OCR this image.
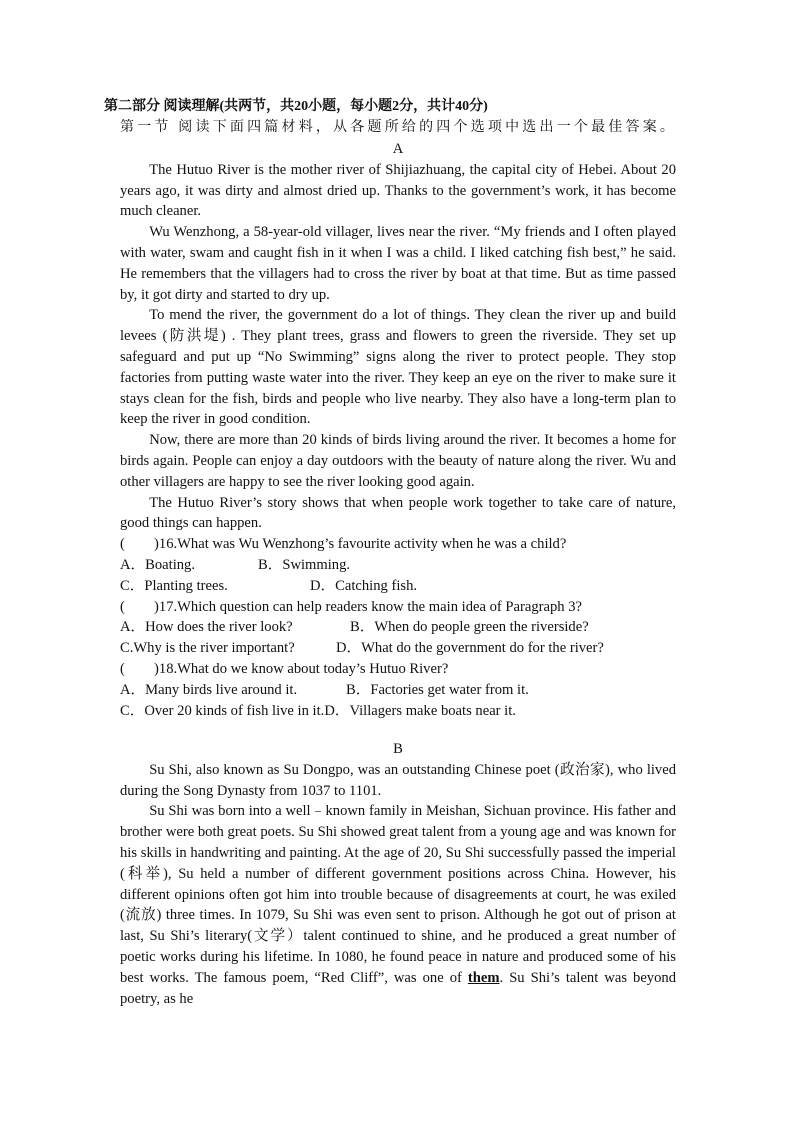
第二部分 阅读理解(共两节，共20小题，每小题2分，共计40分)
第一节 阅读下面四篇材料，从各题所给的四个选项中选出一个最佳答案。
A

The Hutuo River is the mother river of Shijiazhuang, the capital city of Hebei. About 20 years ago, it was dirty and almost dried up. Thanks to the government’s work, it has become much cleaner.

Wu Wenzhong, a 58-year-old villager, lives near the river. “My friends and I often played with water, swam and caught fish in it when I was a child. I liked catching fish best,” he said. He remembers that the villagers had to cross the river by boat at that time. But as time passed by, it got dirty and started to dry up.

To mend the river, the government do a lot of things. They clean the river up and build levees (防洪堤) . They plant trees, grass and flowers to green the riverside. They set up safeguard and put up “No Swimming” signs along the river to protect people. They stop factories from putting waste water into the river. They keep an eye on the river to make sure it stays clean for the fish, birds and people who live nearby. They also have a long-term plan to keep the river in good condition.

Now, there are more than 20 kinds of birds living around the river. It becomes a home for birds again. People can enjoy a day outdoors with the beauty of nature along the river. Wu and other villagers are happy to see the river looking good again.

The Hutuo River’s story shows that when people work together to take care of nature, good things can happen.

(　　)16.What was Wu Wenzhong’s favourite activity when he was a child?
A．Boating.	B．Swimming.
C．Planting trees.	D．Catching fish.
(　　)17.Which question can help readers know the main idea of Paragraph 3?
A．How does the river look?	B．When do people green the riverside?
C.Why is the river important?	D．What do the government do for the river?
(　　)18.What do we know about today’s Hutuo River?
A．Many birds live around it.	B．Factories get water from it.
C．Over 20 kinds of fish live in it.D．Villagers make boats near it.
B

Su Shi, also known as Su Dongpo, was an outstanding Chinese poet (政治家), who lived during the Song Dynasty from 1037 to 1101.

Su Shi was born into a well﹣known family in Meishan, Sichuan province. His father and brother were both great poets. Su Shi showed great talent from a young age and was known for his skills in handwriting and painting. At the age of 20, Su Shi successfully passed the imperial (科举), Su held a number of different government positions across China. However, his different opinions often got him into trouble because of disagreements at court, he was exiled (流放) three times. In 1079, Su Shi was even sent to prison. Although he got out of prison at last, Su Shi’s literary(文学）talent continued to shine, and he produced a great number of poetic works during his lifetime. In 1080, he found peace in nature and produced some of his best works. The famous poem, “Red Cliff”, was one of them. Su Shi’s talent was beyond poetry, as he
